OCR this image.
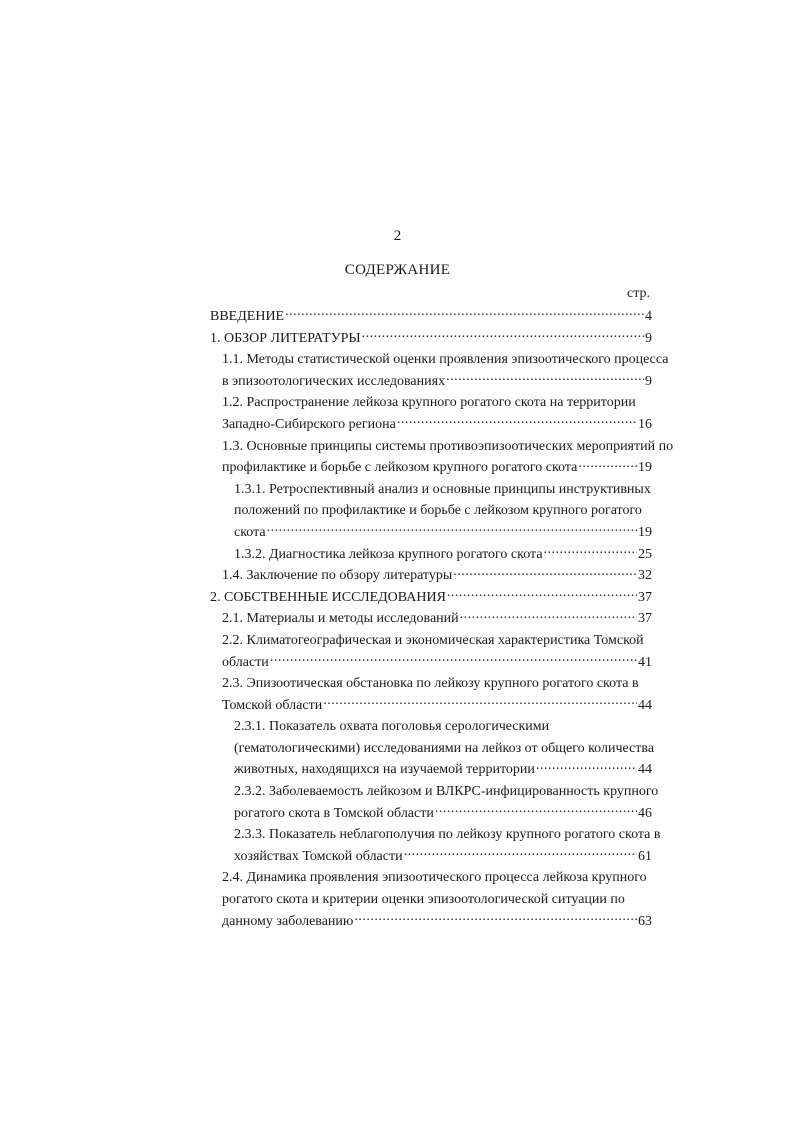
2
СОДЕРЖАНИЕ
стр.
ВВЕДЕНИЕ .....	4
1. ОБЗОР ЛИТЕРАТУРЫ .....	9
1.1. Методы статистической оценки проявления эпизоотического процесса
в эпизоотологических исследованиях .....	9
1.2. Распространение лейкоза крупного рогатого скота на территории
Западно-Сибирского региона .....	16
1.3. Основные принципы системы противоэпизоотических мероприятий по
профилактике и борьбе с лейкозом крупного рогатого скота .....	19
1.3.1. Ретроспективный анализ и основные принципы инструктивных
положений по профилактике и борьбе с лейкозом крупного рогатого
скота .....	19
1.3.2. Диагностика лейкоза крупного рогатого скота .....	25
1.4. Заключение по обзору литературы .....	32
2. СОБСТВЕННЫЕ ИССЛЕДОВАНИЯ .....	37
2.1. Материалы и методы исследований .....	37
2.2. Климатогеографическая и экономическая характеристика Томской
области .....	41
2.3. Эпизоотическая обстановка по лейкозу крупного рогатого скота в
Томской области .....	44
2.3.1. Показатель охвата поголовья серологическими
(гематологическими) исследованиями на лейкоз от общего количества
животных, находящихся на изучаемой территории .....	44
2.3.2. Заболеваемость лейкозом и ВЛКРС-инфицированность крупного
рогатого скота в Томской области .....	46
2.3.3. Показатель неблагополучия по лейкозу крупного рогатого скота в
хозяйствах Томской области .....	61
2.4. Динамика проявления эпизоотического процесса лейкоза крупного
рогатого скота и критерии оценки эпизоотологической ситуации по
данному заболеванию .....	63
